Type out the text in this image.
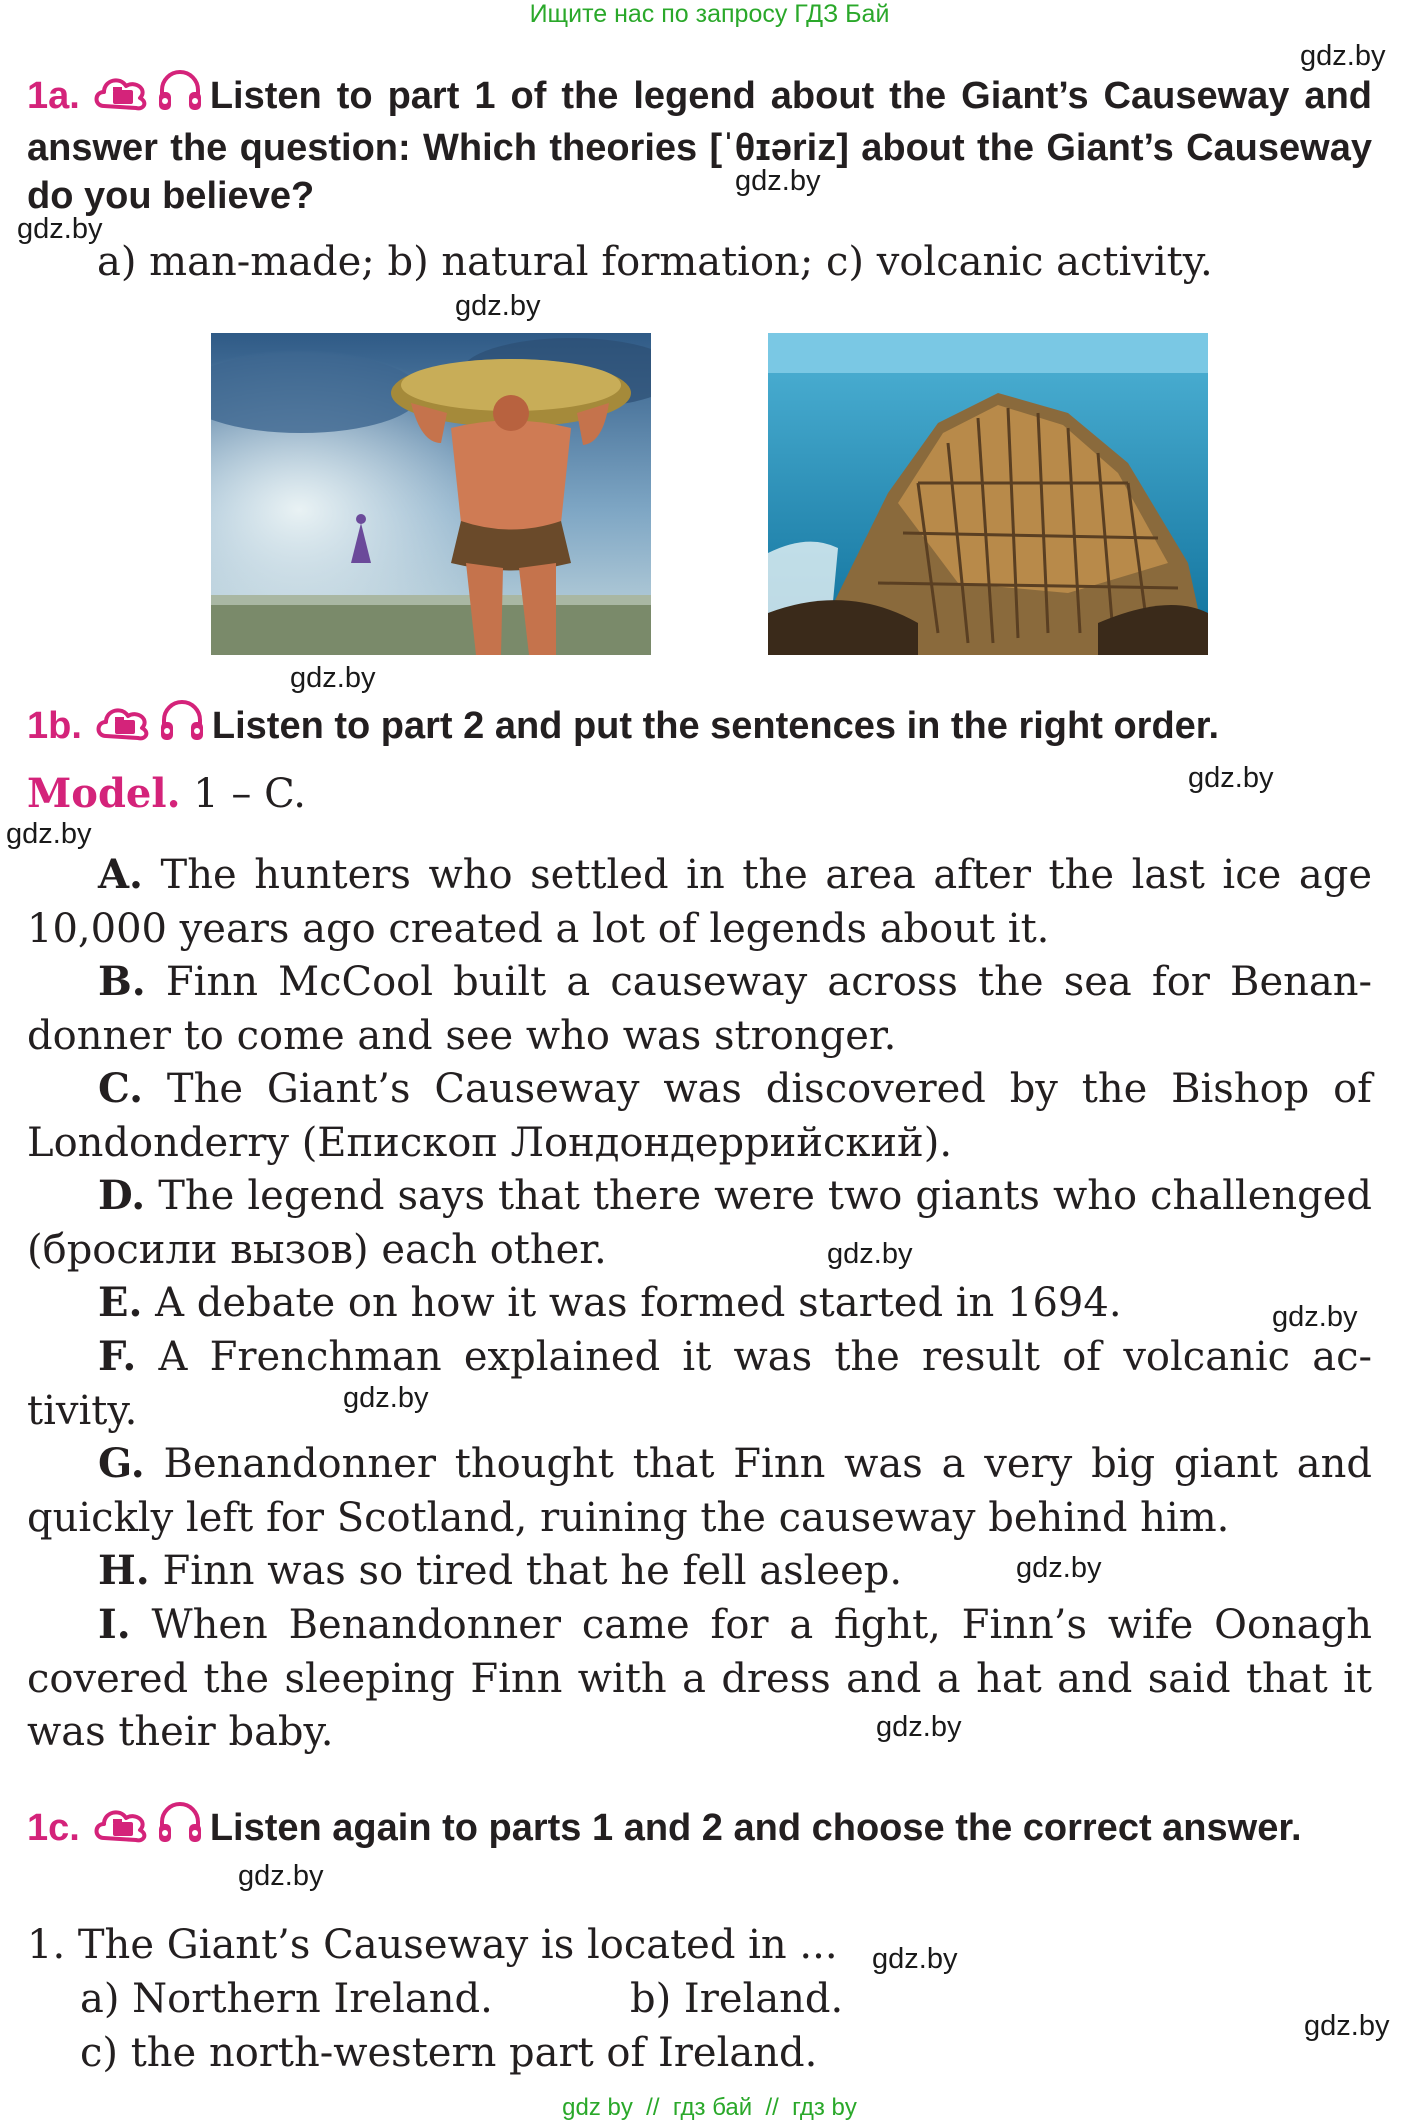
Ищите нас по запросу ГДЗ Бай
gdz.by
gdz.by
gdz.by
gdz.by
gdz.by
gdz.by
gdz.by
gdz.by
gdz.by
gdz.by
gdz.by
gdz.by
gdz.by
gdz.by
gdz.by
1a.	Listen to part 1 of the legend about the Giant’s Causeway and answer the question: Which theories [ˈθɪəriz] about the Giant’s Causeway do you believe?
a) man-made; b) natural formation; c) volcanic activity.
1b.	Listen to part 2 and put the sentences in the right order.
Model. 1 – C.
A. The hunters who settled in the area after the last ice age 10,000 years ago created a lot of legends about it.
B. Finn McCool built a causeway across the sea for Benandonner to come and see who was stronger.
C. The Giant’s Causeway was discovered by the Bishop of Londonderry (Епископ Лондондеррийский).
D. The legend says that there were two giants who challenged (бросили вызов) each other.
E. A debate on how it was formed started in 1694.
F. A Frenchman explained it was the result of volcanic activity.
G. Benandonner thought that Finn was a very big giant and quickly left for Scotland, ruining the causeway behind him.
H. Finn was so tired that he fell asleep.
I. When Benandonner came for a fight, Finn’s wife Oonagh covered the sleeping Finn with a dress and a hat and said that it was their baby.
1c.	Listen again to parts 1 and 2 and choose the correct answer.
1. The Giant’s Causeway is located in ...
a) Northern Ireland.	b) Ireland.
c) the north-western part of Ireland.
gdz by  //  гдз бай  //  гдз by
